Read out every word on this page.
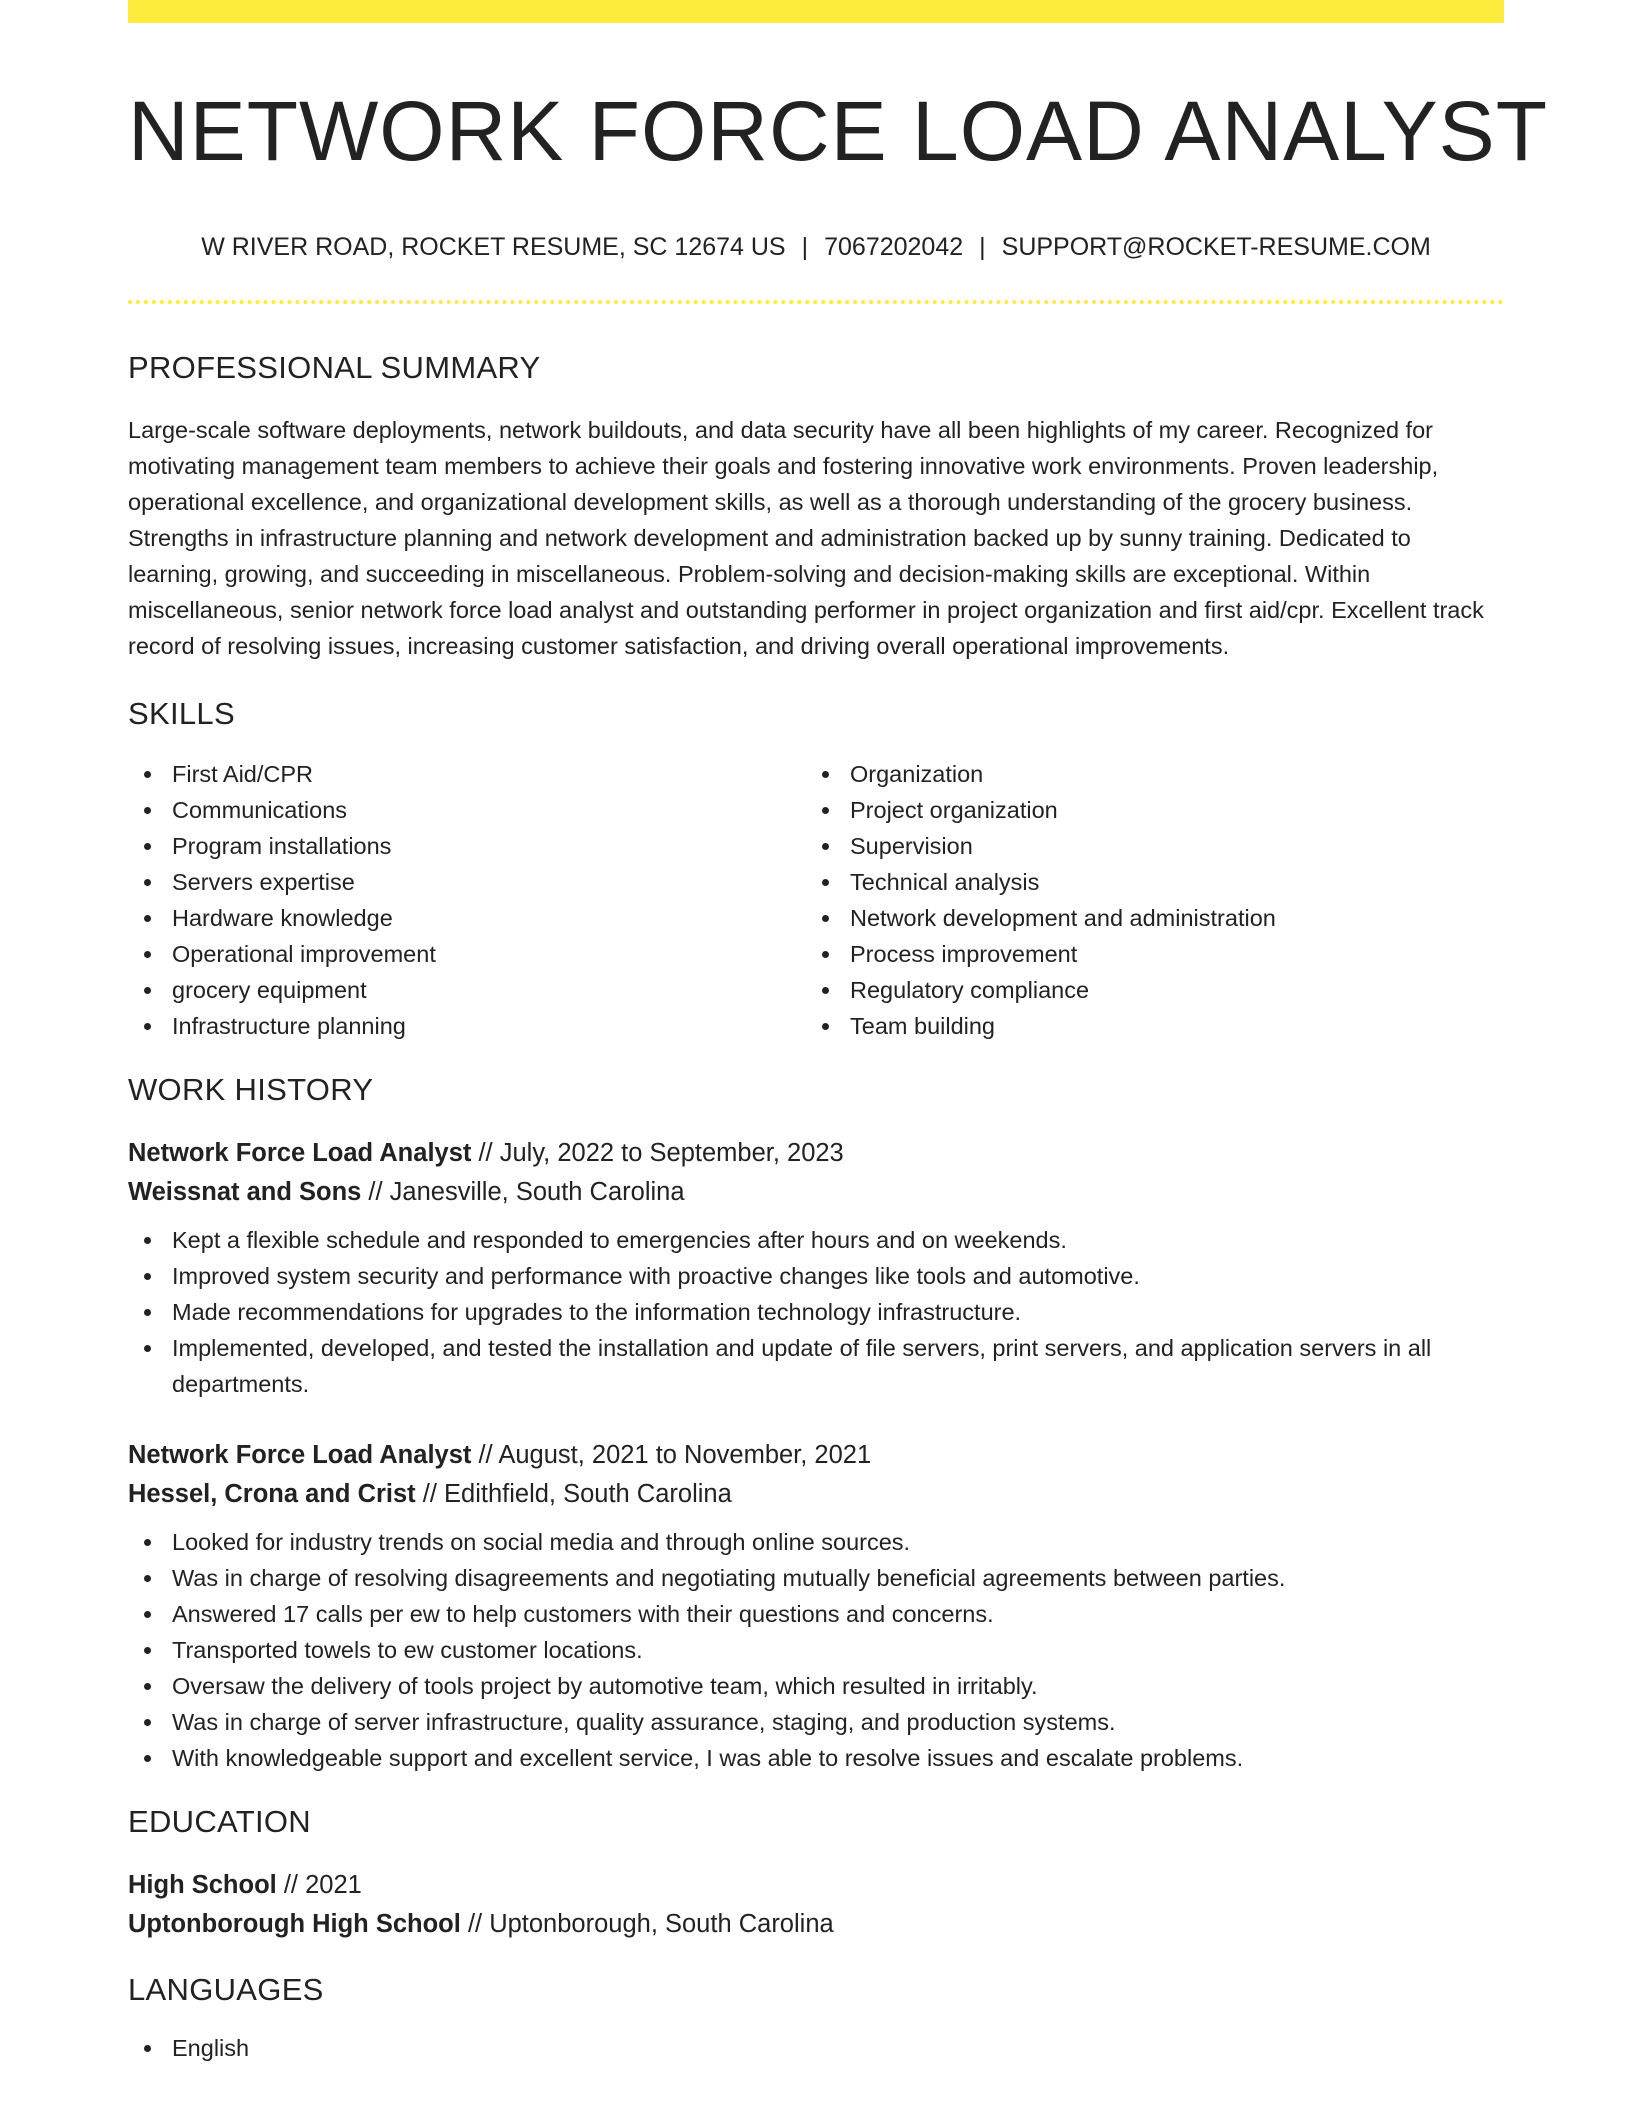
NETWORK FORCE LOAD ANALYST
W RIVER ROAD, ROCKET RESUME, SC 12674 US | 7067202042 | SUPPORT@ROCKET-RESUME.COM
PROFESSIONAL SUMMARY
Large-scale software deployments, network buildouts, and data security have all been highlights of my career. Recognized for motivating management team members to achieve their goals and fostering innovative work environments. Proven leadership, operational excellence, and organizational development skills, as well as a thorough understanding of the grocery business. Strengths in infrastructure planning and network development and administration backed up by sunny training. Dedicated to learning, growing, and succeeding in miscellaneous. Problem-solving and decision-making skills are exceptional. Within miscellaneous, senior network force load analyst and outstanding performer in project organization and first aid/cpr. Excellent track record of resolving issues, increasing customer satisfaction, and driving overall operational improvements.
SKILLS
First Aid/CPR
Communications
Program installations
Servers expertise
Hardware knowledge
Operational improvement
grocery equipment
Infrastructure planning
Organization
Project organization
Supervision
Technical analysis
Network development and administration
Process improvement
Regulatory compliance
Team building
WORK HISTORY
Network Force Load Analyst // July, 2022 to September, 2023
Weissnat and Sons // Janesville, South Carolina
Kept a flexible schedule and responded to emergencies after hours and on weekends.
Improved system security and performance with proactive changes like tools and automotive.
Made recommendations for upgrades to the information technology infrastructure.
Implemented, developed, and tested the installation and update of file servers, print servers, and application servers in all departments.
Network Force Load Analyst // August, 2021 to November, 2021
Hessel, Crona and Crist // Edithfield, South Carolina
Looked for industry trends on social media and through online sources.
Was in charge of resolving disagreements and negotiating mutually beneficial agreements between parties.
Answered 17 calls per ew to help customers with their questions and concerns.
Transported towels to ew customer locations.
Oversaw the delivery of tools project by automotive team, which resulted in irritably.
Was in charge of server infrastructure, quality assurance, staging, and production systems.
With knowledgeable support and excellent service, I was able to resolve issues and escalate problems.
EDUCATION
High School // 2021
Uptonborough High School // Uptonborough, South Carolina
LANGUAGES
English
